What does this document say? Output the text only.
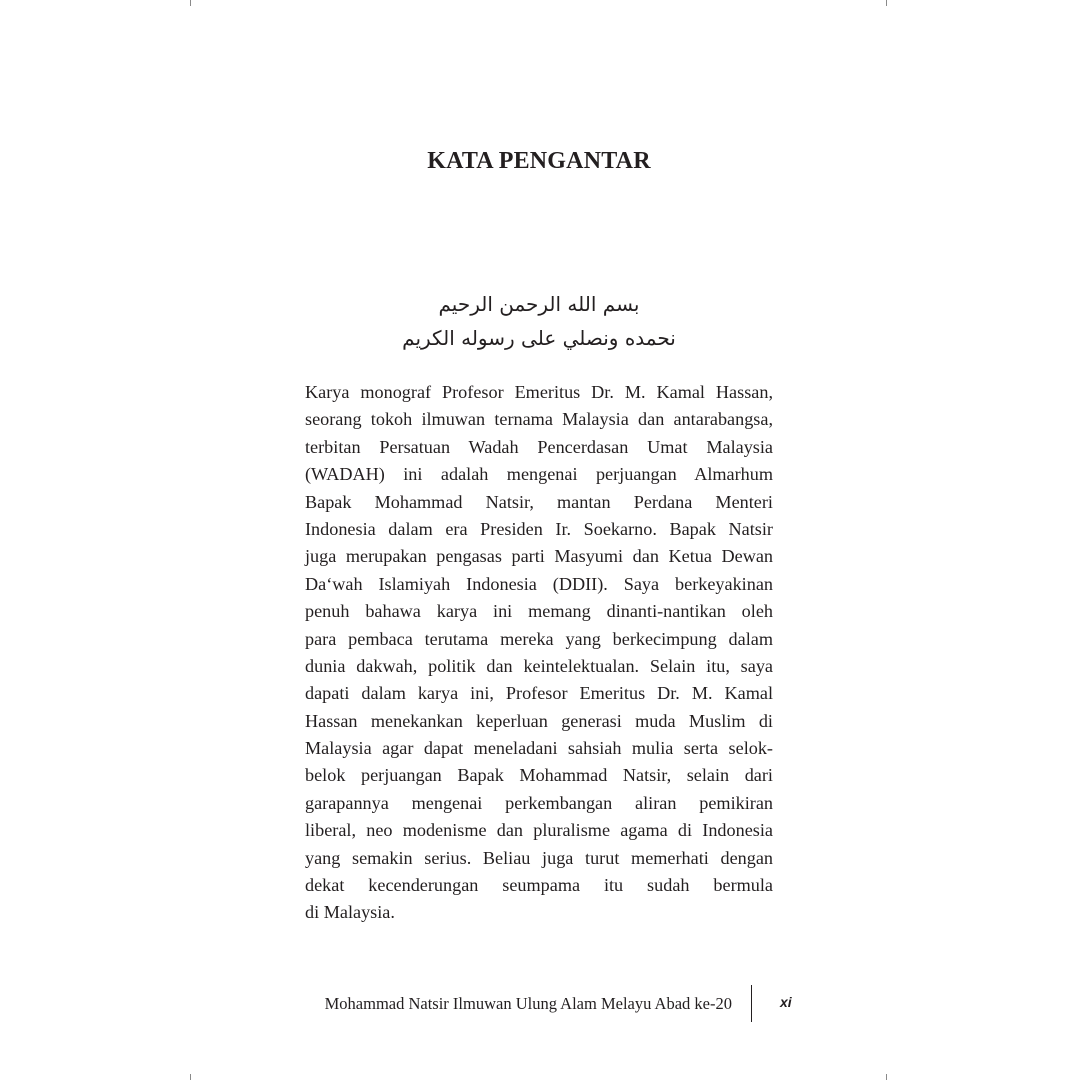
KATA PENGANTAR
بسم الله الرحمن الرحيم
نحمده ونصلي على رسوله الكريم
Karya monograf Profesor Emeritus Dr. M. Kamal Hassan,
seorang tokoh ilmuwan ternama Malaysia dan antarabangsa,
terbitan Persatuan Wadah Pencerdasan Umat Malaysia
(WADAH) ini adalah mengenai perjuangan Almarhum
Bapak Mohammad Natsir, mantan Perdana Menteri
Indonesia dalam era Presiden Ir. Soekarno. Bapak Natsir
juga merupakan pengasas parti Masyumi dan Ketua Dewan
Da‘wah Islamiyah Indonesia (DDII). Saya berkeyakinan
penuh bahawa karya ini memang dinanti-nantikan oleh
para pembaca terutama mereka yang berkecimpung dalam
dunia dakwah, politik dan keintelektualan. Selain itu, saya
dapati dalam karya ini, Profesor Emeritus Dr. M. Kamal
Hassan menekankan keperluan generasi muda Muslim di
Malaysia agar dapat meneladani sahsiah mulia serta selok-
belok perjuangan Bapak Mohammad Natsir, selain dari
garapannya mengenai perkembangan aliran pemikiran
liberal, neo modenisme dan pluralisme agama di Indonesia
yang semakin serius. Beliau juga turut memerhati dengan
dekat kecenderungan seumpama itu sudah bermula
di Malaysia.
Mohammad Natsir Ilmuwan Ulung Alam Melayu Abad ke-20	xi
